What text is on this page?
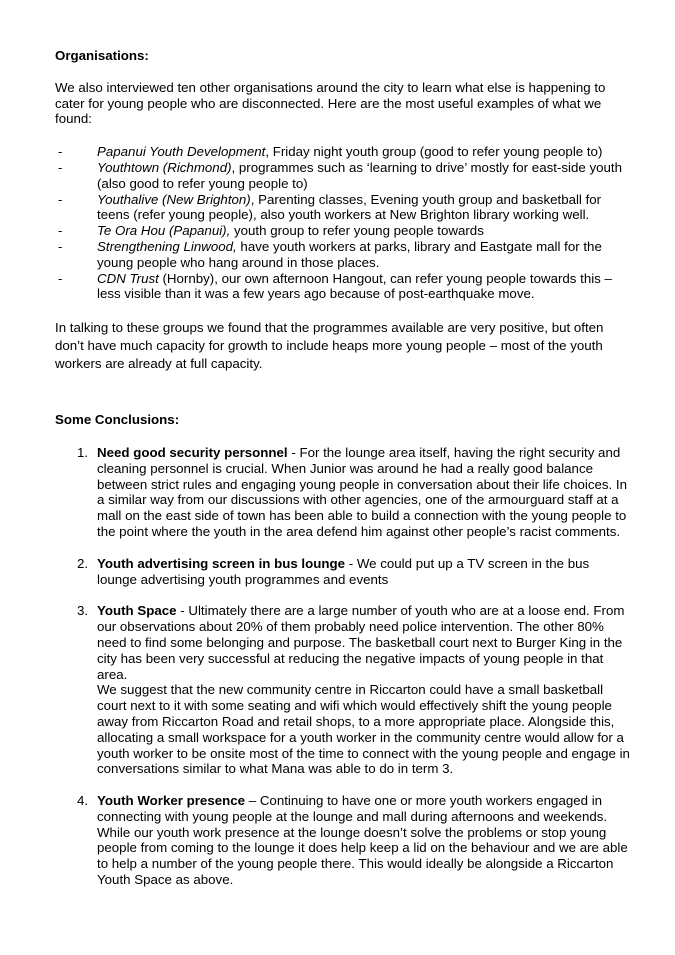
Organisations:

We also interviewed ten other organisations around the city to learn what else is happening to cater for young people who are disconnected. Here are the most useful examples of what we found:

-	Papanui Youth Development, Friday night youth group (good to refer young people to)
-	Youthtown (Richmond), programmes such as ‘learning to drive’ mostly for east-side youth (also good to refer young people to)
-	Youthalive (New Brighton), Parenting classes, Evening youth group and basketball for teens (refer young people), also youth workers at New Brighton library working well.
-	Te Ora Hou (Papanui), youth group to refer young people towards
-	Strengthening Linwood, have youth workers at parks, library and Eastgate mall for the young people who hang around in those places.
-	CDN Trust (Hornby), our own afternoon Hangout, can refer young people towards this – less visible than it was a few years ago because of post-earthquake move.

In talking to these groups we found that the programmes available are very positive, but often don’t have much capacity for growth to include heaps more young people – most of the youth workers are already at full capacity.

Some Conclusions:
1. Need good security personnel - For the lounge area itself, having the right security and cleaning personnel is crucial. When Junior was around he had a really good balance between strict rules and engaging young people in conversation about their life choices. In a similar way from our discussions with other agencies, one of the armourguard staff at a mall on the east side of town has been able to build a connection with the young people to the point where the youth in the area defend him against other people’s racist comments.
2. Youth advertising screen in bus lounge - We could put up a TV screen in the bus lounge advertising youth programmes and events
3. Youth Space - Ultimately there are a large number of youth who are at a loose end. From our observations about 20% of them probably need police intervention. The other 80% need to find some belonging and purpose. The basketball court next to Burger King in the city has been very successful at reducing the negative impacts of young people in that area.
We suggest that the new community centre in Riccarton could have a small basketball court next to it with some seating and wifi which would effectively shift the young people away from Riccarton Road and retail shops, to a more appropriate place. Alongside this, allocating a small workspace for a youth worker in the community centre would allow for a youth worker to be onsite most of the time to connect with the young people and engage in conversations similar to what Mana was able to do in term 3.
4. Youth Worker presence – Continuing to have one or more youth workers engaged in connecting with young people at the lounge and mall during afternoons and weekends. While our youth work presence at the lounge doesn’t solve the problems or stop young people from coming to the lounge it does help keep a lid on the behaviour and we are able to help a number of the young people there. This would ideally be alongside a Riccarton Youth Space as above.
